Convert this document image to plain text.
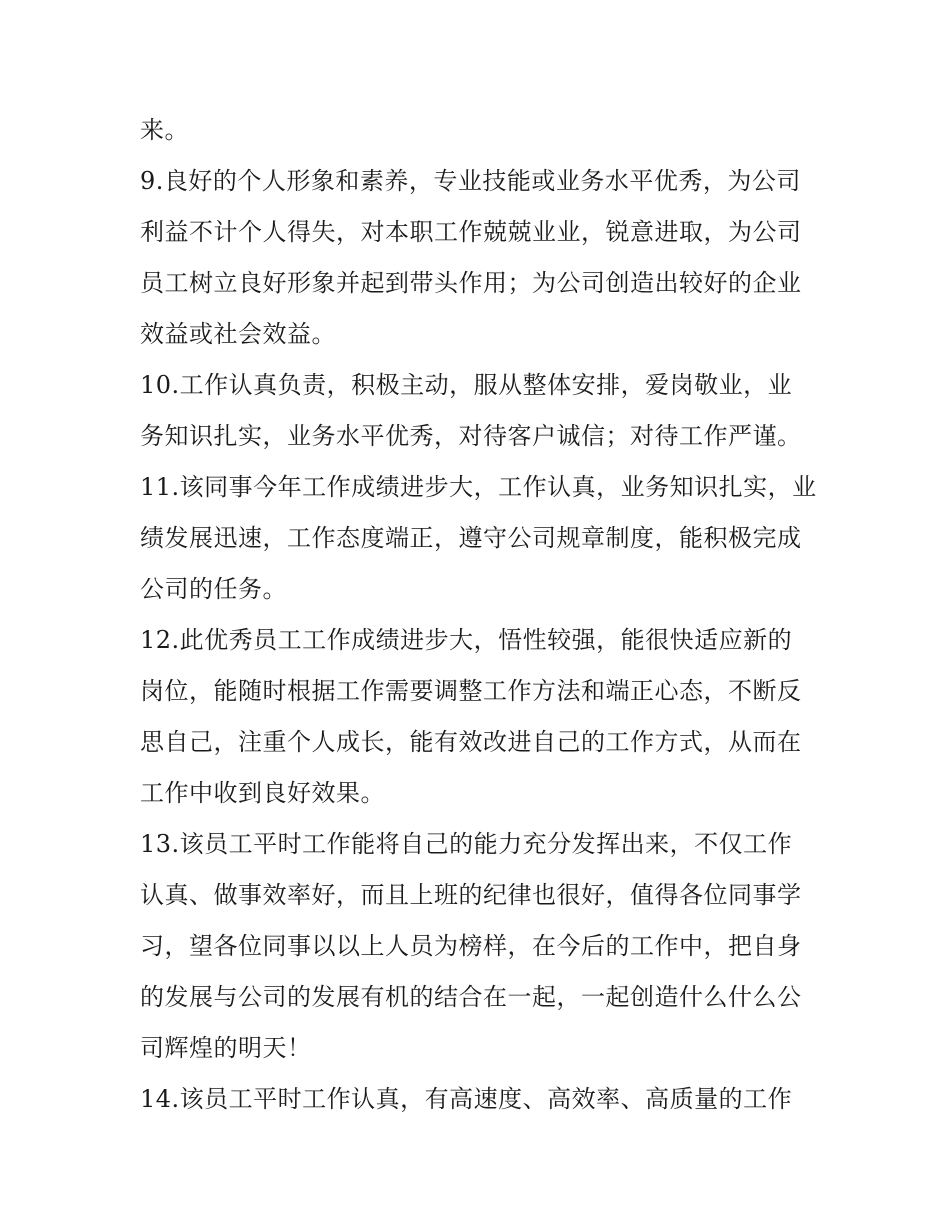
来。
9.良好的个人形象和素养，专业技能或业务水平优秀，为公司
利益不计个人得失，对本职工作兢兢业业，锐意进取，为公司
员工树立良好形象并起到带头作用；为公司创造出较好的企业
效益或社会效益。
10.工作认真负责，积极主动，服从整体安排，爱岗敬业，业
务知识扎实，业务水平优秀，对待客户诚信；对待工作严谨。
11.该同事今年工作成绩进步大，工作认真，业务知识扎实，业
绩发展迅速，工作态度端正，遵守公司规章制度，能积极完成
公司的任务。
12.此优秀员工工作成绩进步大，悟性较强，能很快适应新的
岗位，能随时根据工作需要调整工作方法和端正心态，不断反
思自己，注重个人成长，能有效改进自己的工作方式，从而在
工作中收到良好效果。
13.该员工平时工作能将自己的能力充分发挥出来，不仅工作
认真、做事效率好，而且上班的纪律也很好，值得各位同事学
习，望各位同事以以上人员为榜样，在今后的工作中，把自身
的发展与公司的发展有机的结合在一起，一起创造什么什么公
司辉煌的明天！
14.该员工平时工作认真，有高速度、高效率、高质量的工作
